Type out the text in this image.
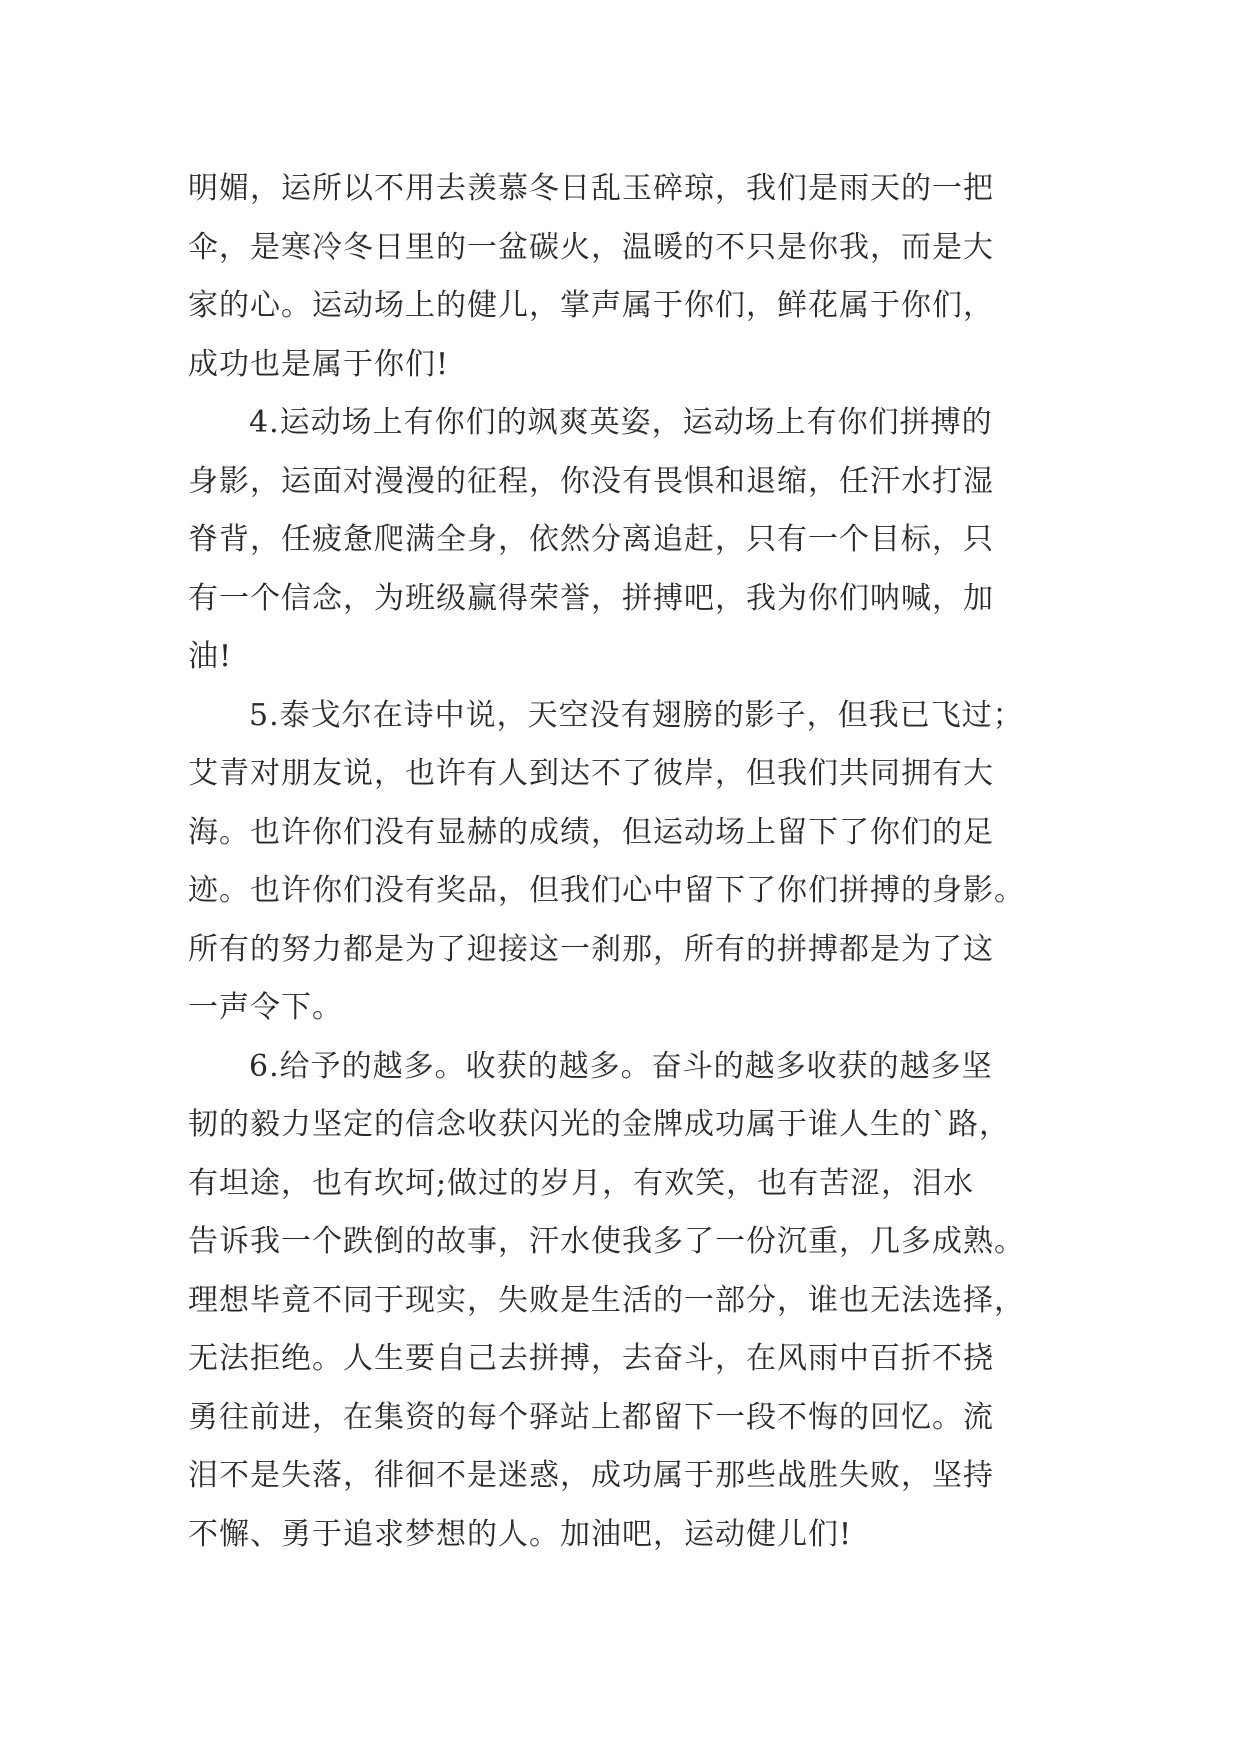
明媚，运所以不用去羡慕冬日乱玉碎琼，我们是雨天的一把
伞，是寒冷冬日里的一盆碳火，温暖的不只是你我，而是大
家的心。运动场上的健儿，掌声属于你们，鲜花属于你们，
成功也是属于你们!
4.运动场上有你们的飒爽英姿，运动场上有你们拼搏的
身影，运面对漫漫的征程，你没有畏惧和退缩，任汗水打湿
脊背，任疲惫爬满全身，依然分离追赶，只有一个目标，只
有一个信念，为班级赢得荣誉，拼搏吧，我为你们呐喊，加
油!
5.泰戈尔在诗中说，天空没有翅膀的影子，但我已飞过；
艾青对朋友说，也许有人到达不了彼岸，但我们共同拥有大
海。也许你们没有显赫的成绩，但运动场上留下了你们的足
迹。也许你们没有奖品，但我们心中留下了你们拼搏的身影。
所有的努力都是为了迎接这一刹那，所有的拼搏都是为了这
一声令下。
6.给予的越多。收获的越多。奋斗的越多收获的越多坚
韧的毅力坚定的信念收获闪光的金牌成功属于谁人生的`路，
有坦途，也有坎坷;做过的岁月，有欢笑，也有苦涩，泪水
告诉我一个跌倒的故事，汗水使我多了一份沉重，几多成熟。
理想毕竟不同于现实，失败是生活的一部分，谁也无法选择，
无法拒绝。人生要自己去拼搏，去奋斗，在风雨中百折不挠
勇往前进，在集资的每个驿站上都留下一段不悔的回忆。流
泪不是失落，徘徊不是迷惑，成功属于那些战胜失败，坚持
不懈、勇于追求梦想的人。加油吧，运动健儿们!
